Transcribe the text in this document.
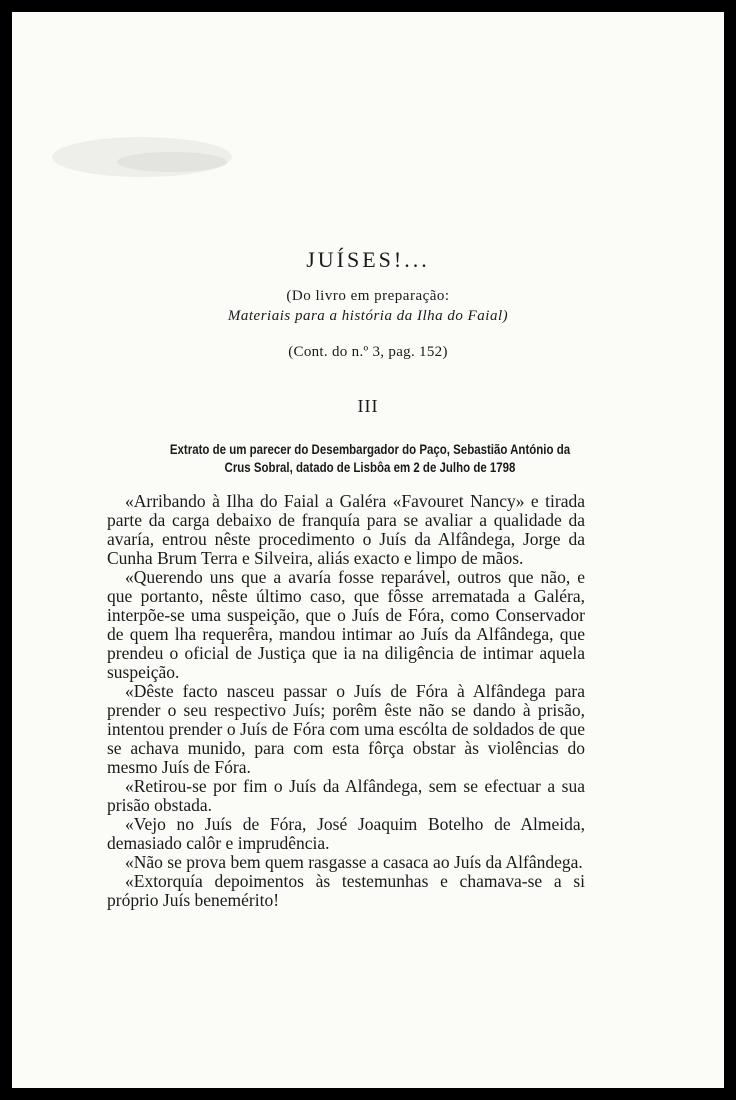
JUÍSES!...
(Do livro em preparação:
Materiais para a história da Ilha do Faial)
(Cont. do n.º 3, pag. 152)
III
Extrato de um parecer do Desembargador do Paço, Sebastião António da Crus Sobral, datado de Lisbôa em 2 de Julho de 1798

«Arribando à Ilha do Faial a Galéra «Favouret Nancy» e tirada parte da carga debaixo de franquía para se avaliar a qualidade da avaría, entrou nêste procedimento o Juís da Alfândega, Jorge da Cunha Brum Terra e Silveira, aliás exacto e limpo de mãos.

«Querendo uns que a avaría fosse reparável, outros que não, e que portanto, nêste último caso, que fôsse arrematada a Galéra, interpõe-se uma suspeição, que o Juís de Fóra, como Conservador de quem lha requerêra, mandou intimar ao Juís da Alfândega, que prendeu o oficial de Justiça que ia na diligência de intimar aquela suspeição.

«Dêste facto nasceu passar o Juís de Fóra à Alfândega para prender o seu respectivo Juís; porêm êste não se dando à prisão, intentou prender o Juís de Fóra com uma escólta de soldados de que se achava munido, para com esta fôrça obstar às violências do mesmo Juís de Fóra.

«Retirou-se por fim o Juís da Alfândega, sem se efectuar a sua prisão obstada.

«Vejo no Juís de Fóra, José Joaquim Botelho de Almeida, demasiado calôr e imprudência.

«Não se prova bem quem rasgasse a casaca ao Juís da Alfândega.

«Extorquía depoimentos às testemunhas e chamava-se a si próprio Juís benemérito!
